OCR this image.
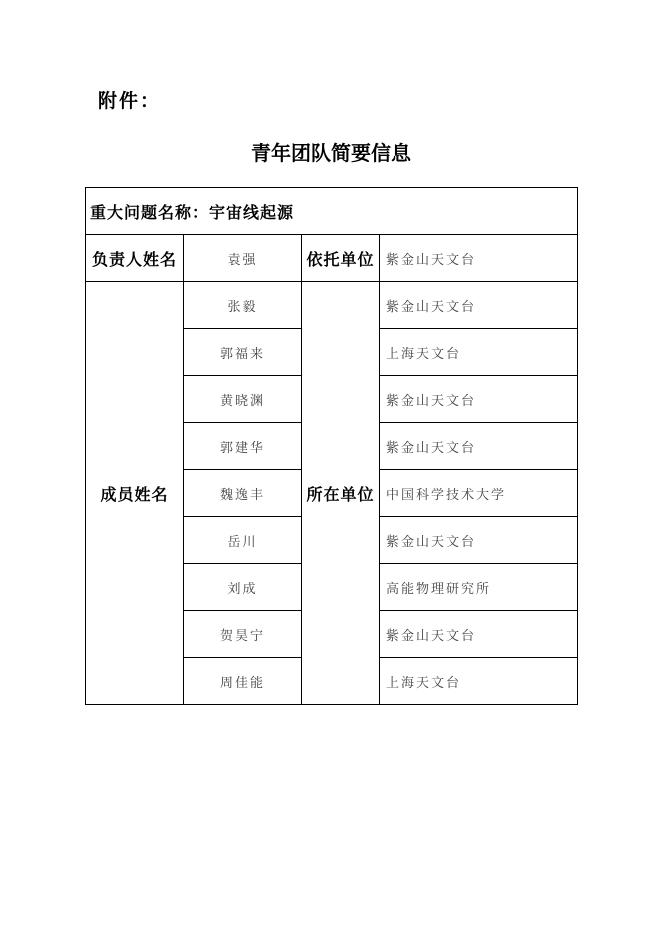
附件：
青年团队简要信息
重大问题名称：宇宙线起源			
负责人姓名	袁强	依托单位	紫金山天文台
成员姓名	张毅	所在单位	紫金山天文台
	郭福来		上海天文台
	黄晓渊		紫金山天文台
	郭建华		紫金山天文台
	魏逸丰		中国科学技术大学
	岳川		紫金山天文台
	刘成		高能物理研究所
	贺昊宁		紫金山天文台
	周佳能		上海天文台
